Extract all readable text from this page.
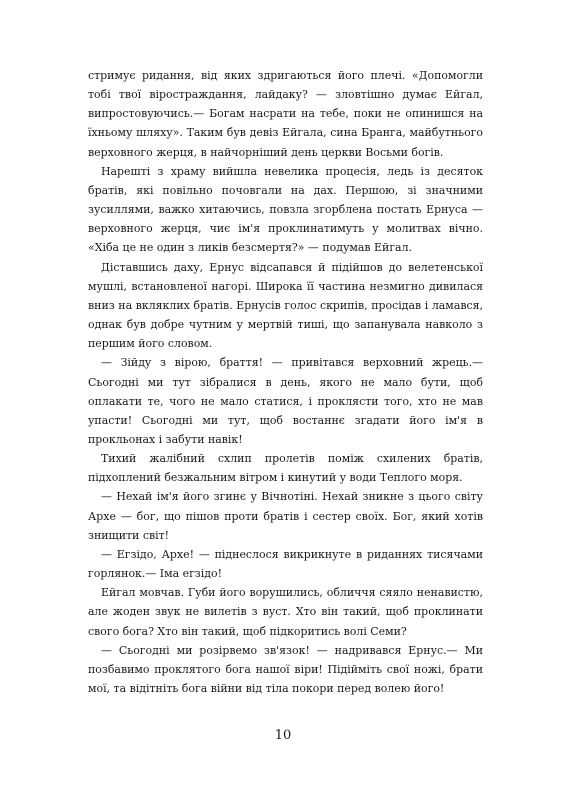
стримує ридання, від яких здригаються його плечі. «Допомогли тобі твої віростраждання, лайдаку? — зловтішно думає Ейгал, випростовуючись.— Богам насрати на тебе, поки не опинишся на їхньому шляху». Таким був девіз Ейгала, сина Бранга, майбутнього верховного жерця, в найчорніший день церкви Восьми богів.

Нарешті з храму вийшла невелика процесія, ледь із десяток братів, які повільно почовгали на дах. Першою, зі значними зусиллями, важко хитаючись, повзла згорблена постать Ернуса — верховного жерця, чиє ім'я проклинатимуть у молитвах вічно. «Хіба це не один з ликів безсмертя?» — подумав Ейгал.

Діставшись даху, Ернус відсапався й підійшов до велетенської мушлі, встановленої нагорі. Широка її частина незмигно дивилася вниз на вкляклих братів. Ернусів голос скрипів, просідав і ламався, однак був добре чутним у мертвій тиші, що запанувала навколо з першим його словом.

— Зійду з вірою, браття! — привітався верховний жрець.— Сьогодні ми тут зібралися в день, якого не мало бути, щоб оплакати те, чого не мало статися, і проклясти того, хто не мав упасти! Сьогодні ми тут, щоб востаннє згадати його ім'я в прокльонах і забути навік!

Тихий жалібний схлип пролетів поміж схилених братів, підхоплений безжальним вітром і кинутий у води Теплого моря.

— Нехай ім'я його згинє у Вічнотіні. Нехай зникне з цього світу Архе — бог, що пішов проти братів і сестер своїх. Бог, який хотів знищити світ!

— Егзідо, Архе! — піднеслося викрикнуте в риданнях тисячами горлянок.— Іма егзідо!

Ейгал мовчав. Губи його ворушились, обличчя сяяло ненавистю, але жоден звук не вилетів з вуст. Хто він такий, щоб проклинати свого бога? Хто він такий, щоб підкоритись волі Семи?

— Сьогодні ми розірвемо зв'язок! — надривався Ернус.— Ми позбавимо проклятого бога нашої віри! Підійміть свої ножі, брати мої, та відітніть бога війни від тіла покори перед волею його!

10
